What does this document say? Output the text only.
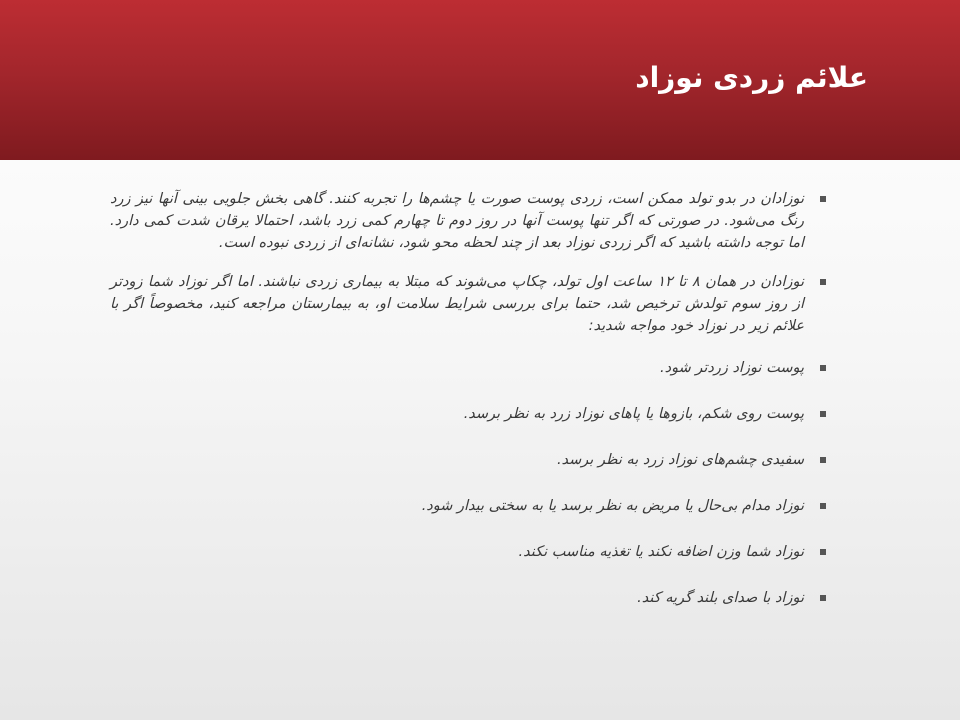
علائم زردی نوزاد
نوزادان در بدو تولد ممکن است، زردی پوست صورت یا چشم‌ها را تجربه کنند. گاهی بخش جلویی بینی آنها نیز زرد رنگ می‌شود. در صورتی که اگر تنها پوست آنها در روز دوم تا چهارم کمی زرد باشد، احتمالا یرقان شدت کمی دارد. اما توجه داشته باشید که اگر زردی نوزاد بعد از چند لحظه محو شود، نشانه‌ای از زردی نبوده است.
نوزادان در همان ۸ تا ۱۲ ساعت اول تولد، چکاپ می‌شوند که مبتلا به بیماری زردی نباشند. اما اگر نوزاد شما زودتر از روز سوم تولدش ترخیص شد، حتما برای بررسی شرایط سلامت او، به بیمارستان مراجعه کنید، مخصوصاً اگر با علائم زیر در نوزاد خود مواجه شدید:
پوست نوزاد زردتر شود.
پوست روی شکم، بازوها یا پاهای نوزاد زرد به نظر برسد.
سفیدی چشم‌های نوزاد زرد به نظر برسد.
نوزاد مدام بی‌حال یا مریض به نظر برسد یا به سختی بیدار شود.
نوزاد شما وزن اضافه نکند یا تغذیه مناسب نکند.
نوزاد با صدای بلند گریه کند.
